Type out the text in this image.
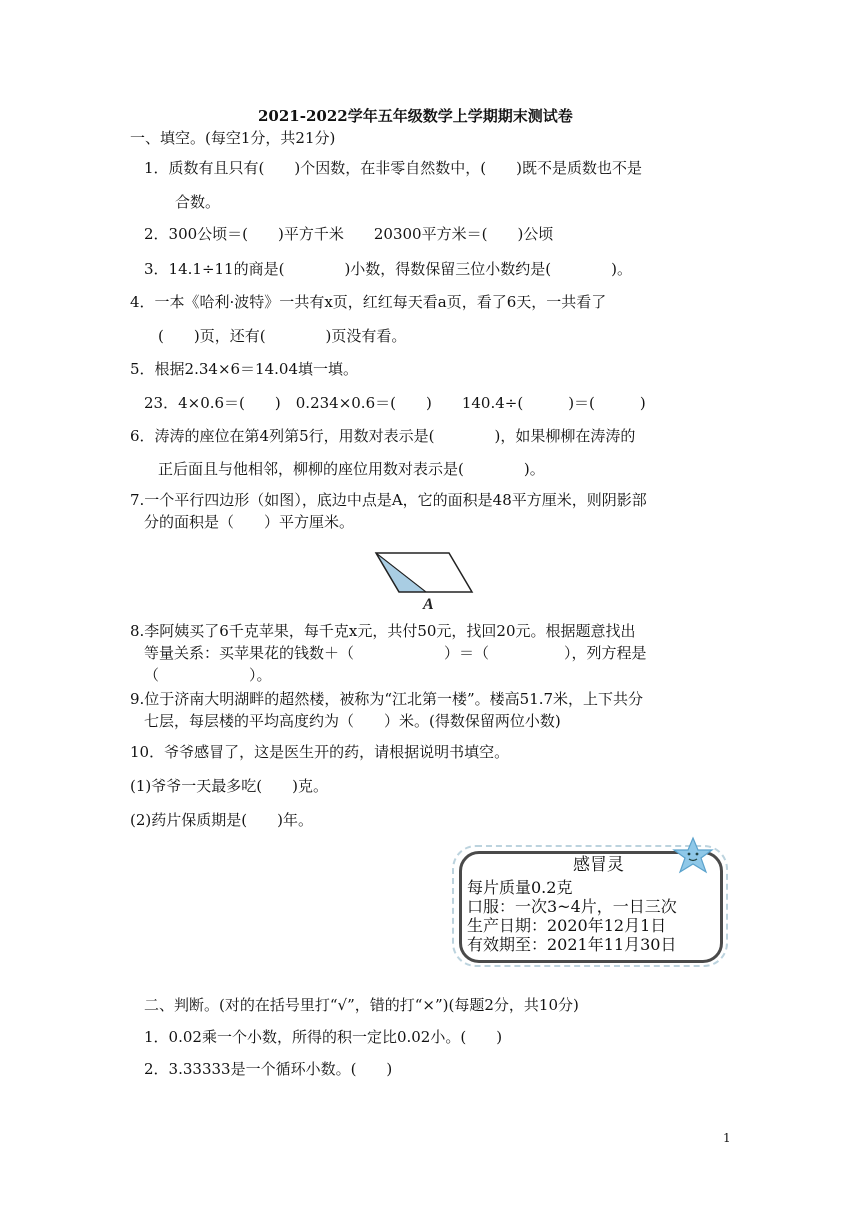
2021-2022学年五年级数学上学期期末测试卷
一、填空。(每空1分，共21分)
1．质数有且只有(　　)个因数，在非零自然数中，(　　)既不是质数也不是
合数。
2．300公顷＝(　　)平方千米　　20300平方米＝(　　)公顷
3．14.1÷11的商是(　　　　)小数，得数保留三位小数约是(　　　　)。
4．一本《哈利·波特》一共有x页，红红每天看a页，看了6天，一共看了
(　　)页，还有(　　　　)页没有看。
5．根据2.34×6＝14.04填一填。
23．4×0.6＝(　　)　0.234×0.6＝(　　)　　140.4÷(　　　)＝(　　　)
6．涛涛的座位在第4列第5行，用数对表示是(　　　　)，如果柳柳在涛涛的
正后面且与他相邻，柳柳的座位用数对表示是(　　　　)。
7.一个平行四边形（如图），底边中点是A，它的面积是48平方厘米，则阴影部
分的面积是（　　）平方厘米。
A
8.李阿姨买了6千克苹果，每千克x元，共付50元，找回20元。根据题意找出
等量关系：买苹果花的钱数＋（　　　　　　）＝（　　　　　），列方程是
（　　　　　　）。
9.位于济南大明湖畔的超然楼，被称为“江北第一楼”。楼高51.7米，上下共分
七层，每层楼的平均高度约为（　　）米。(得数保留两位小数)
10．爷爷感冒了，这是医生开的药，请根据说明书填空。
(1)爷爷一天最多吃(　　)克。
(2)药片保质期是(　　)年。
感冒灵
每片质量0.2克
口服：一次3~4片，一日三次
生产日期：2020年12月1日
有效期至：2021年11月30日
二、判断。(对的在括号里打“√”，错的打“×”)(每题2分，共10分)
1．0.02乘一个小数，所得的积一定比0.02小。(　　)
2．3.33333是一个循环小数。(　　)
1
